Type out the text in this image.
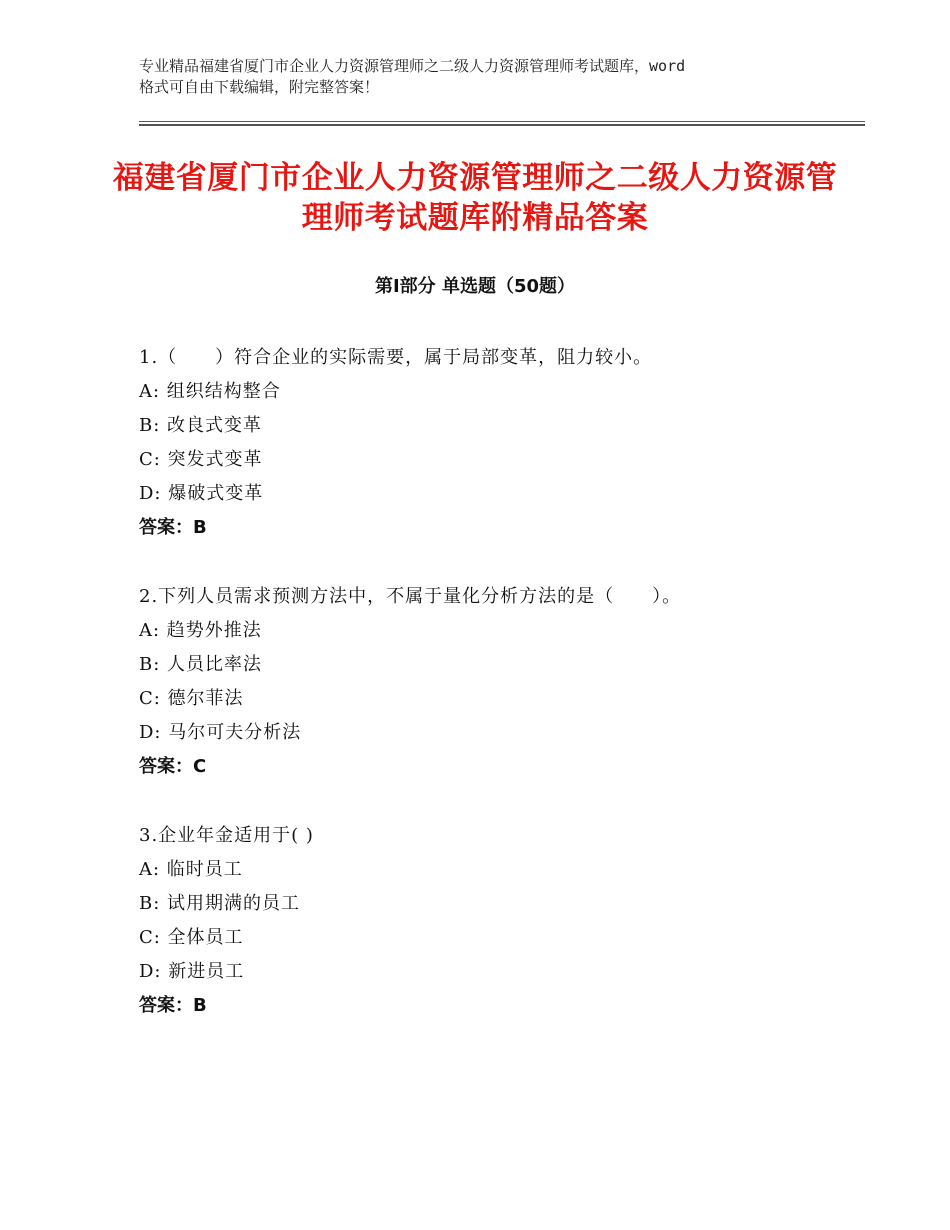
专业精品福建省厦门市企业人力资源管理师之二级人力资源管理师考试题库，word
格式可自由下载编辑，附完整答案！
福建省厦门市企业人力资源管理师之二级人力资源管理师考试题库附精品答案
第Ⅰ部分 单选题（50题）
1.（　　）符合企业的实际需要，属于局部变革，阻力较小。
A: 组织结构整合
B: 改良式变革
C: 突发式变革
D: 爆破式变革
答案：B
2.下列人员需求预测方法中，不属于量化分析方法的是（　　）。
A: 趋势外推法
B: 人员比率法
C: 德尔菲法
D: 马尔可夫分析法
答案：C
3.企业年金适用于( )
A: 临时员工
B: 试用期满的员工
C: 全体员工
D: 新进员工
答案：B
